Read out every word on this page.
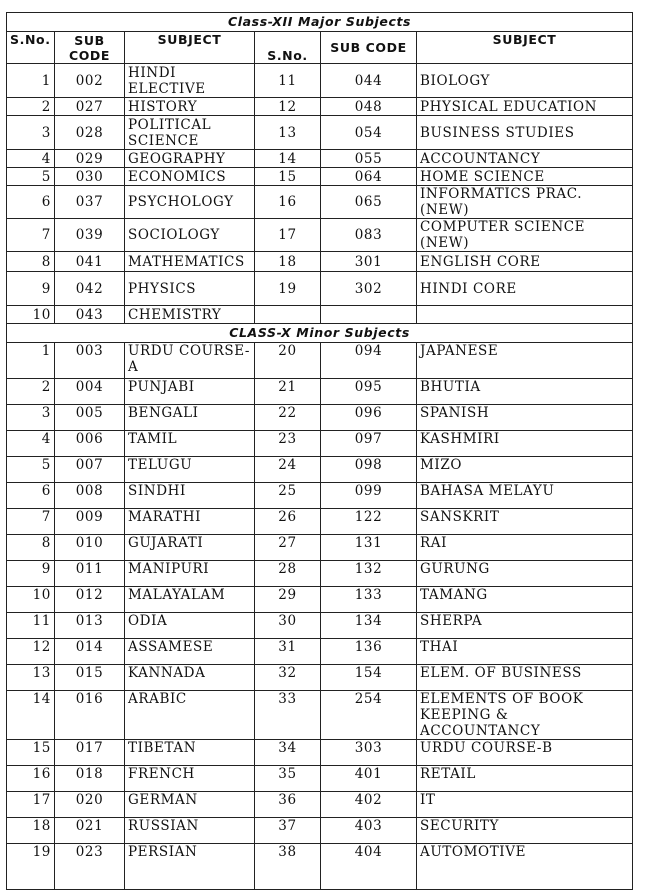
Class-XII Major Subjects					
S.No.	SUB CODE	SUBJECT	S.No.	SUB CODE	SUBJECT
1	002	HINDI ELECTIVE	11	044	BIOLOGY
2	027	HISTORY	12	048	PHYSICAL EDUCATION
3	028	POLITICAL SCIENCE	13	054	BUSINESS STUDIES
4	029	GEOGRAPHY	14	055	ACCOUNTANCY
5	030	ECONOMICS	15	064	HOME SCIENCE
6	037	PSYCHOLOGY	16	065	INFORMATICS PRAC. (NEW)
7	039	SOCIOLOGY	17	083	COMPUTER SCIENCE (NEW)
8	041	MATHEMATICS	18	301	ENGLISH CORE
9	042	PHYSICS	19	302	HINDI CORE
10	043	CHEMISTRY			
CLASS-X Minor Subjects					
1	003	URDU COURSE-A	20	094	JAPANESE
2	004	PUNJABI	21	095	BHUTIA
3	005	BENGALI	22	096	SPANISH
4	006	TAMIL	23	097	KASHMIRI
5	007	TELUGU	24	098	MIZO
6	008	SINDHI	25	099	BAHASA MELAYU
7	009	MARATHI	26	122	SANSKRIT
8	010	GUJARATI	27	131	RAI
9	011	MANIPURI	28	132	GURUNG
10	012	MALAYALAM	29	133	TAMANG
11	013	ODIA	30	134	SHERPA
12	014	ASSAMESE	31	136	THAI
13	015	KANNADA	32	154	ELEM. OF BUSINESS
14	016	ARABIC	33	254	ELEMENTS OF BOOK KEEPING & ACCOUNTANCY
15	017	TIBETAN	34	303	URDU COURSE-B
16	018	FRENCH	35	401	RETAIL
17	020	GERMAN	36	402	IT
18	021	RUSSIAN	37	403	SECURITY
19	023	PERSIAN	38	404	AUTOMOTIVE
